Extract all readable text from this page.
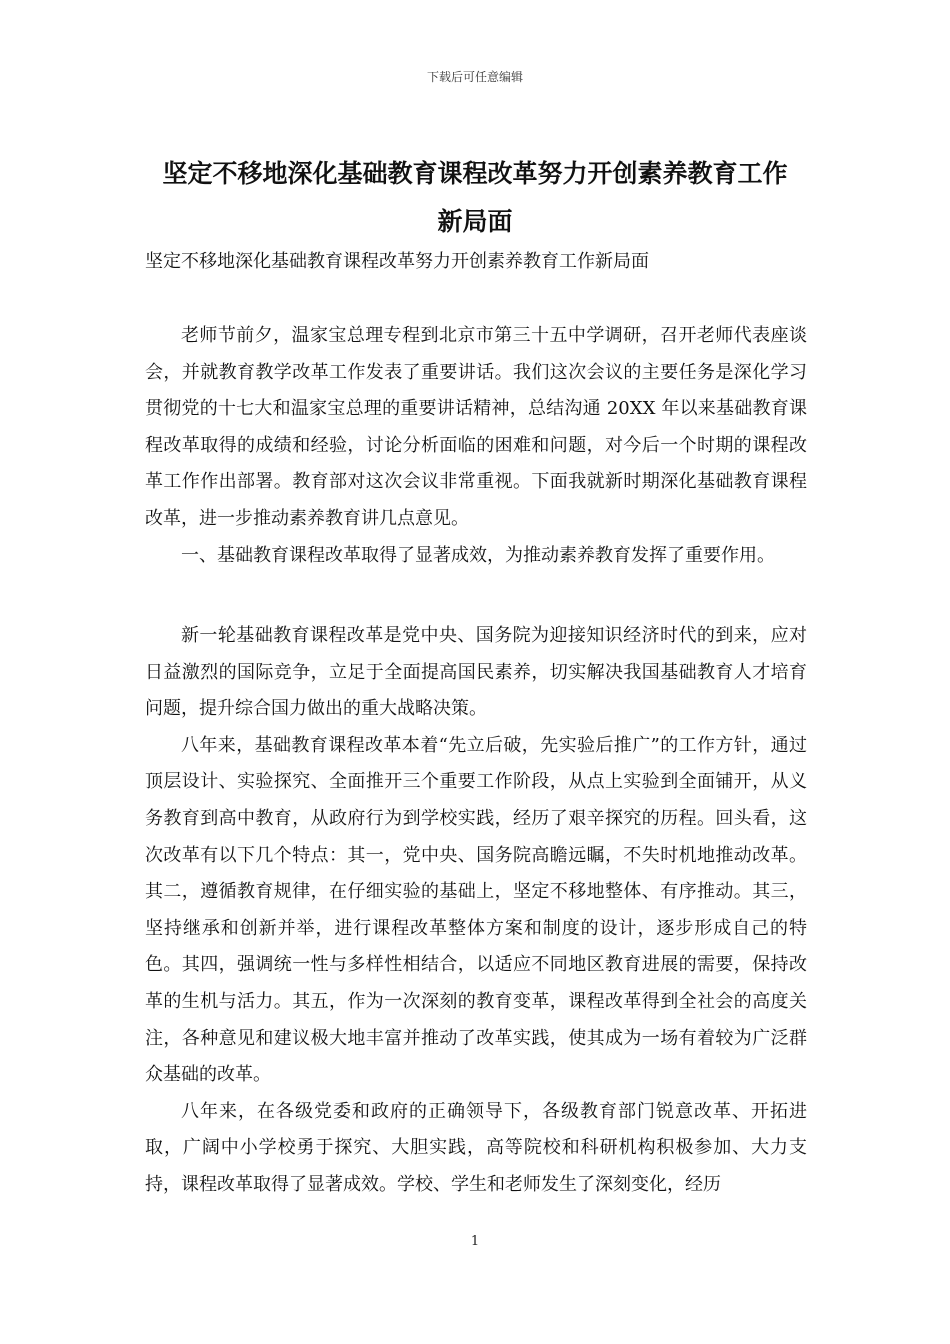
下载后可任意编辑
坚定不移地深化基础教育课程改革努力开创素养教育工作
新局面
坚定不移地深化基础教育课程改革努力开创素养教育工作新局面

老师节前夕，温家宝总理专程到北京市第三十五中学调研，召开老师代表座谈会，并就教育教学改革工作发表了重要讲话。我们这次会议的主要任务是深化学习贯彻党的十七大和温家宝总理的重要讲话精神，总结沟通 20XX 年以来基础教育课程改革取得的成绩和经验，讨论分析面临的困难和问题，对今后一个时期的课程改革工作作出部署。教育部对这次会议非常重视。下面我就新时期深化基础教育课程改革，进一步推动素养教育讲几点意见。

一、基础教育课程改革取得了显著成效，为推动素养教育发挥了重要作用。

新一轮基础教育课程改革是党中央、国务院为迎接知识经济时代的到来，应对日益激烈的国际竞争，立足于全面提高国民素养，切实解决我国基础教育人才培育问题，提升综合国力做出的重大战略决策。

八年来，基础教育课程改革本着“先立后破，先实验后推广”的工作方针，通过顶层设计、实验探究、全面推开三个重要工作阶段，从点上实验到全面铺开，从义务教育到高中教育，从政府行为到学校实践，经历了艰辛探究的历程。回头看，这次改革有以下几个特点：其一，党中央、国务院高瞻远瞩，不失时机地推动改革。其二，遵循教育规律，在仔细实验的基础上，坚定不移地整体、有序推动。其三，坚持继承和创新并举，进行课程改革整体方案和制度的设计，逐步形成自己的特色。其四，强调统一性与多样性相结合，以适应不同地区教育进展的需要，保持改革的生机与活力。其五，作为一次深刻的教育变革，课程改革得到全社会的高度关注，各种意见和建议极大地丰富并推动了改革实践，使其成为一场有着较为广泛群众基础的改革。

八年来，在各级党委和政府的正确领导下，各级教育部门锐意改革、开拓进取，广阔中小学校勇于探究、大胆实践，高等院校和科研机构积极参加、大力支持，课程改革取得了显著成效。学校、学生和老师发生了深刻变化，经历

1
